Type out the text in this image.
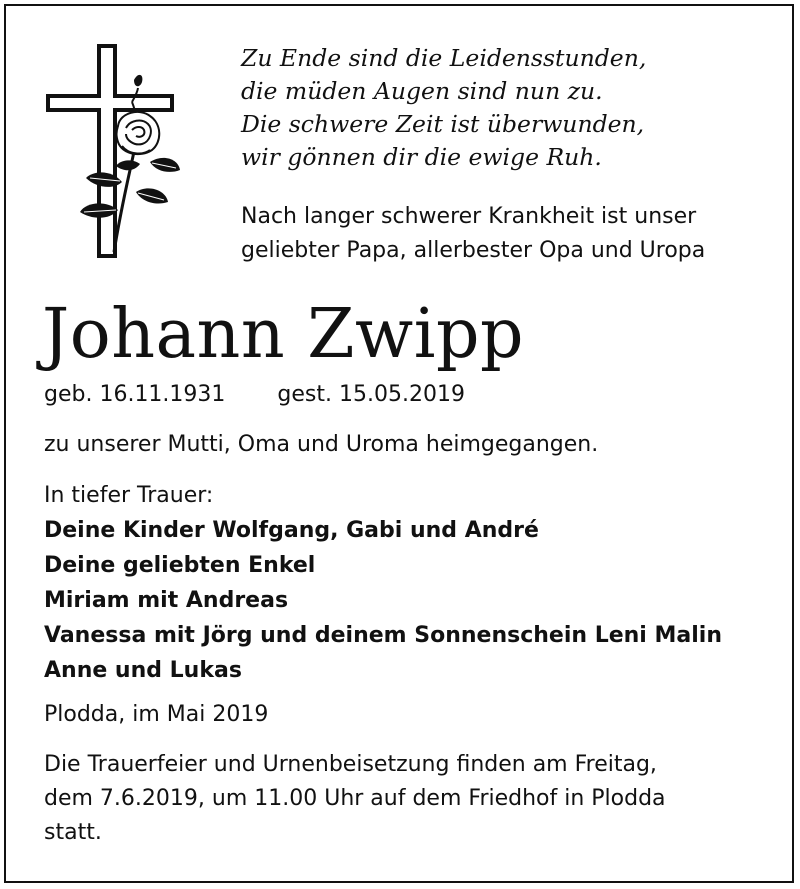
Zu Ende sind die Leidensstunden,
die müden Augen sind nun zu.
Die schwere Zeit ist überwunden,
wir gönnen dir die ewige Ruh.
Nach langer schwerer Krankheit ist unser
geliebter Papa, allerbester Opa und Uropa
Johann Zwipp
geb. 16.11.1931 gest. 15.05.2019
zu unserer Mutti, Oma und Uroma heimgegangen.
In tiefer Trauer:
Deine Kinder Wolfgang, Gabi und André
Deine geliebten Enkel
Miriam mit Andreas
Vanessa mit Jörg und deinem Sonnenschein Leni Malin
Anne und Lukas
Plodda, im Mai 2019
Die Trauerfeier und Urnenbeisetzung finden am Freitag,
dem 7.6.2019, um 11.00 Uhr auf dem Friedhof in Plodda
statt.
